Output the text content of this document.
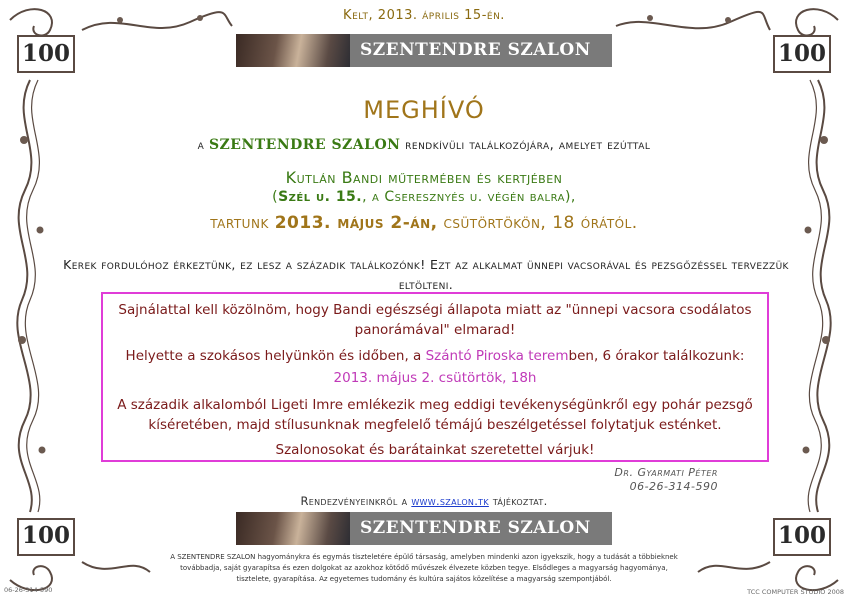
100	100
100	100
Kelt, 2013. április 15-én.
SZENTENDRE SZALON
MEGHÍVÓ
a SZENTENDRE SZALON rendkívüli találkozójára, amelyet ezúttal
Kutlán Bandi műtermében és kertjében
(Szél u. 15., a Cseresznyés u. végén balra),
tartunk 2013. május 2-án, csütörtökön, 18 órától.
Kerek fordulóhoz érkeztünk, ez lesz a századik találkozónk! Ezt az alkalmat ünnepi vacsorával és pezsgőzéssel tervezzük eltölteni.
Sajnálattal kell közölnöm, hogy Bandi egészségi állapota miatt az "ünnepi vacsora csodálatos
panorámával" elmarad!
Helyette a szokásos helyünkön és időben, a Szántó Piroska teremben, 6 órakor találkozunk:
2013. május 2. csütörtök, 18h
A századik alkalomból Ligeti Imre emlékezik meg eddigi tevékenységünkről egy pohár pezsgő
kíséretében, majd stílusunknak megfelelő témájú beszélgetéssel folytatjuk esténket.
Szalonosokat és barátainkat szeretettel várjuk!
Dr. Gyarmati Péter
06-26-314-590
Rendezvényeinkről a www.szalon.tk tájékoztat.
SZENTENDRE SZALON
A SZENTENDRE SZALON hagyománykra és egymás tiszteletére épülő társaság, amelyben mindenki azon igyekszik, hogy a tudását a többieknek
továbbadja, saját gyarapítsa és ezen dolgokat az azokhoz kötődő művészek élvezete közben tegye. Elsődleges a magyarság hagyománya,
tisztelete, gyarapítása. Az egyetemes tudomány és kultúra sajátos közelítése a magyarság szempontjából.
06-26-314-590	TCC COMPUTER STUDIO 2008
